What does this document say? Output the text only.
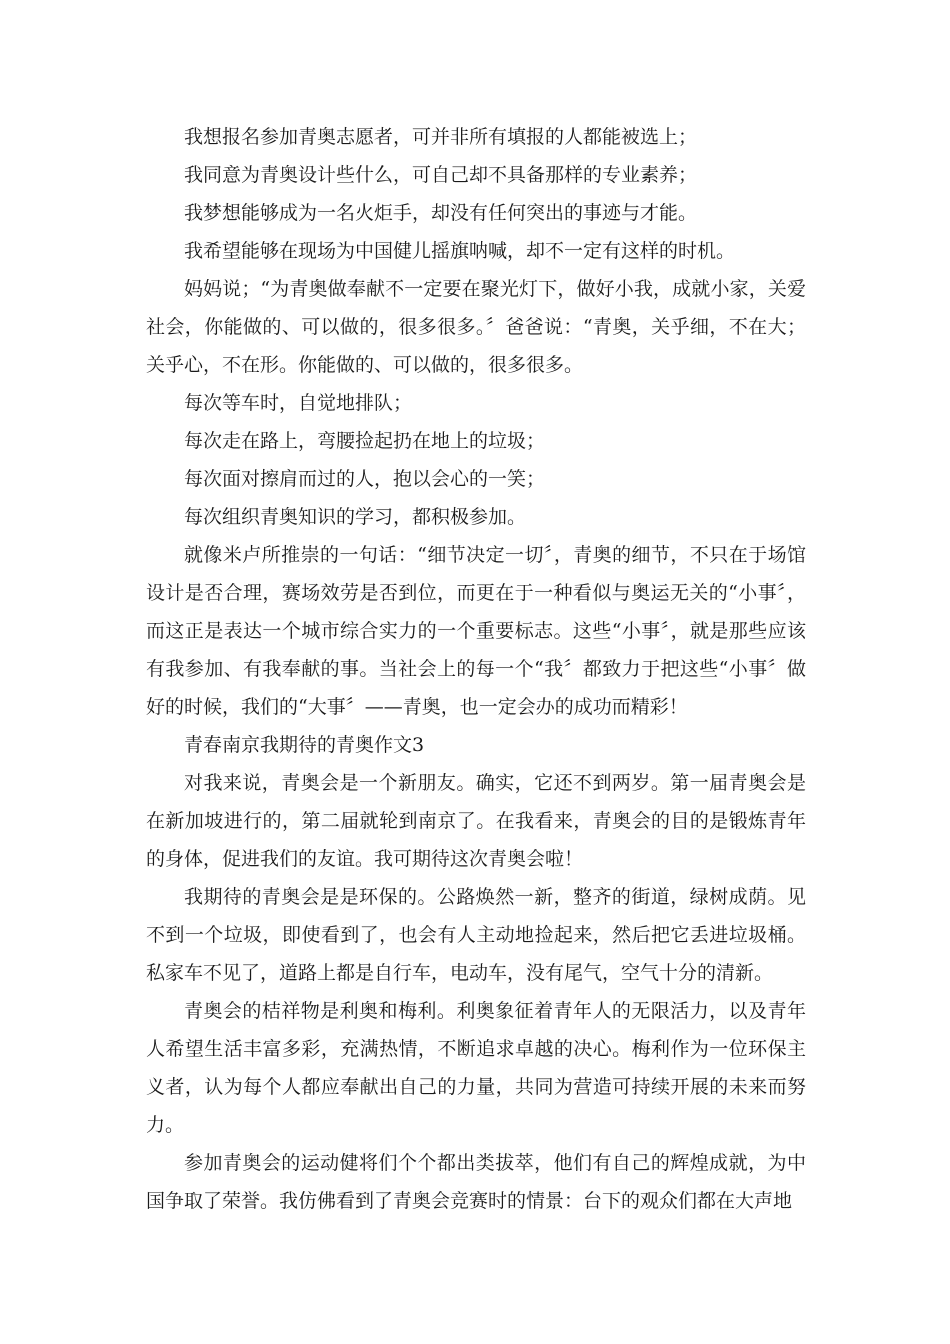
我想报名参加青奥志愿者，可并非所有填报的人都能被选上；

我同意为青奥设计些什么，可自己却不具备那样的专业素养；

我梦想能够成为一名火炬手，却没有任何突出的事迹与才能。

我希望能够在现场为中国健儿摇旗呐喊，却不一定有这样的时机。

妈妈说；“为青奥做奉献不一定要在聚光灯下，做好小我，成就小家，关爱社会，你能做的、可以做的，很多很多。〞爸爸说：“青奥，关乎细，不在大；关乎心，不在形。你能做的、可以做的，很多很多。

每次等车时，自觉地排队；

每次走在路上，弯腰捡起扔在地上的垃圾；

每次面对擦肩而过的人，抱以会心的一笑；

每次组织青奥知识的学习，都积极参加。

就像米卢所推崇的一句话：“细节决定一切〞，青奥的细节，不只在于场馆设计是否合理，赛场效劳是否到位，而更在于一种看似与奥运无关的“小事〞，而这正是表达一个城市综合实力的一个重要标志。这些“小事〞，就是那些应该有我参加、有我奉献的事。当社会上的每一个“我〞都致力于把这些“小事〞做好的时候，我们的“大事〞——青奥，也一定会办的成功而精彩！

青春南京我期待的青奥作文3

对我来说，青奥会是一个新朋友。确实，它还不到两岁。第一届青奥会是在新加坡进行的，第二届就轮到南京了。在我看来，青奥会的目的是锻炼青年的身体，促进我们的友谊。我可期待这次青奥会啦！

我期待的青奥会是是环保的。公路焕然一新，整齐的街道，绿树成荫。见不到一个垃圾，即使看到了，也会有人主动地捡起来，然后把它丢进垃圾桶。私家车不见了，道路上都是自行车，电动车，没有尾气，空气十分的清新。

青奥会的桔祥物是利奥和梅利。利奥象征着青年人的无限活力，以及青年人希望生活丰富多彩，充满热情，不断追求卓越的决心。梅利作为一位环保主义者，认为每个人都应奉献出自己的力量，共同为营造可持续开展的未来而努力。

参加青奥会的运动健将们个个都出类拔萃，他们有自己的辉煌成就，为中国争取了荣誉。我仿佛看到了青奥会竞赛时的情景：台下的观众们都在大声地
